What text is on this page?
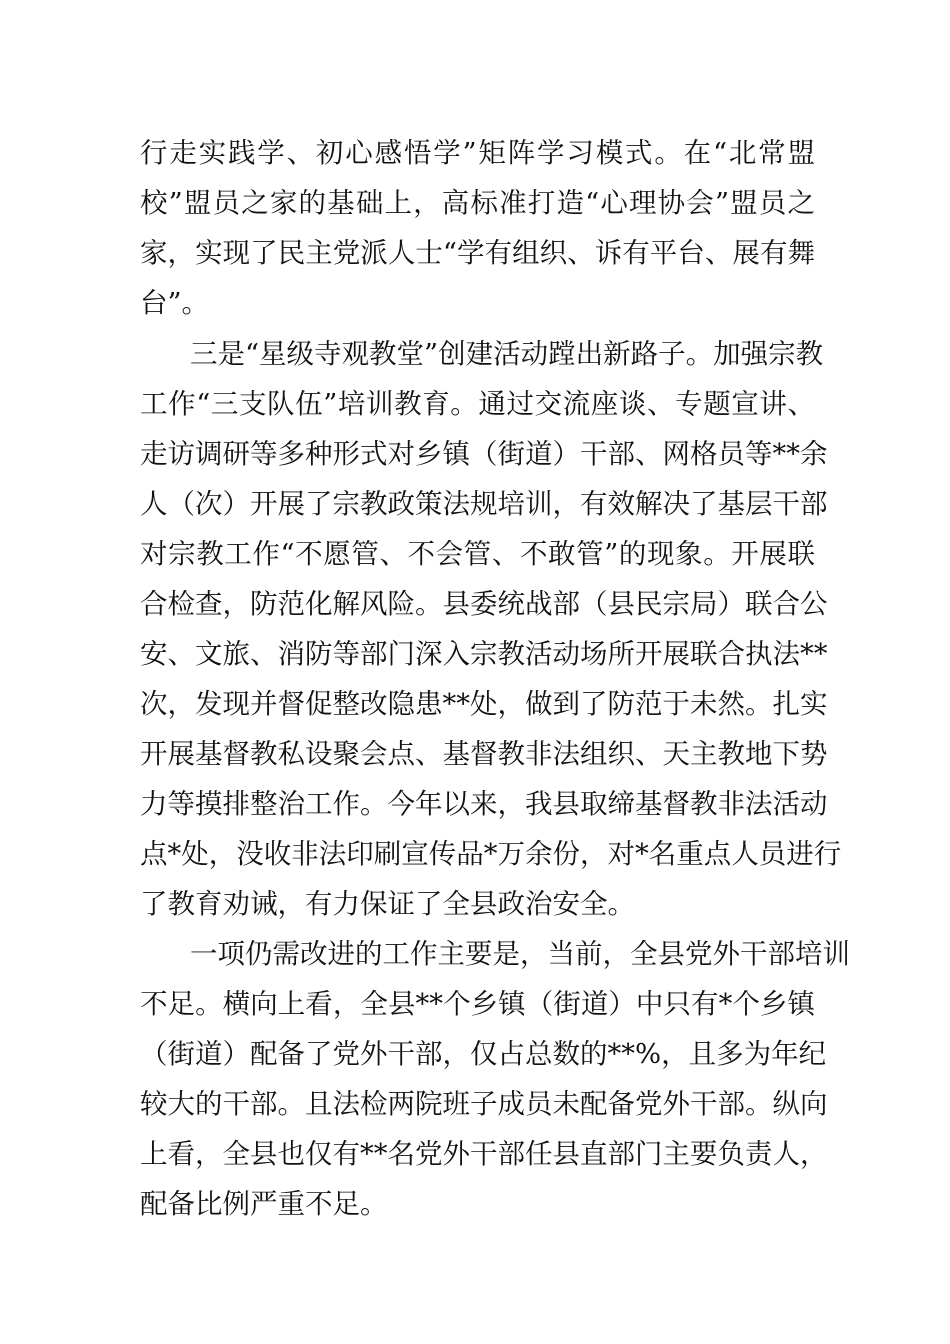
行走实践学、初心感悟学”矩阵学习模式。在“北常盟
校”盟员之家的基础上，高标准打造“心理协会”盟员之
家，实现了民主党派人士“学有组织、诉有平台、展有舞
台”。
三是“星级寺观教堂”创建活动蹚出新路子。加强宗教
工作“三支队伍”培训教育。通过交流座谈、专题宣讲、
走访调研等多种形式对乡镇（街道）干部、网格员等**余
人（次）开展了宗教政策法规培训，有效解决了基层干部
对宗教工作“不愿管、不会管、不敢管”的现象。开展联
合检查，防范化解风险。县委统战部（县民宗局）联合公
安、文旅、消防等部门深入宗教活动场所开展联合执法**
次，发现并督促整改隐患**处，做到了防范于未然。扎实
开展基督教私设聚会点、基督教非法组织、天主教地下势
力等摸排整治工作。今年以来，我县取缔基督教非法活动
点*处，没收非法印刷宣传品*万余份，对*名重点人员进行
了教育劝诫，有力保证了全县政治安全。
一项仍需改进的工作主要是，当前，全县党外干部培训
不足。横向上看，全县**个乡镇（街道）中只有*个乡镇
（街道）配备了党外干部，仅占总数的**%，且多为年纪
较大的干部。且法检两院班子成员未配备党外干部。纵向
上看，全县也仅有**名党外干部任县直部门主要负责人，
配备比例严重不足。
